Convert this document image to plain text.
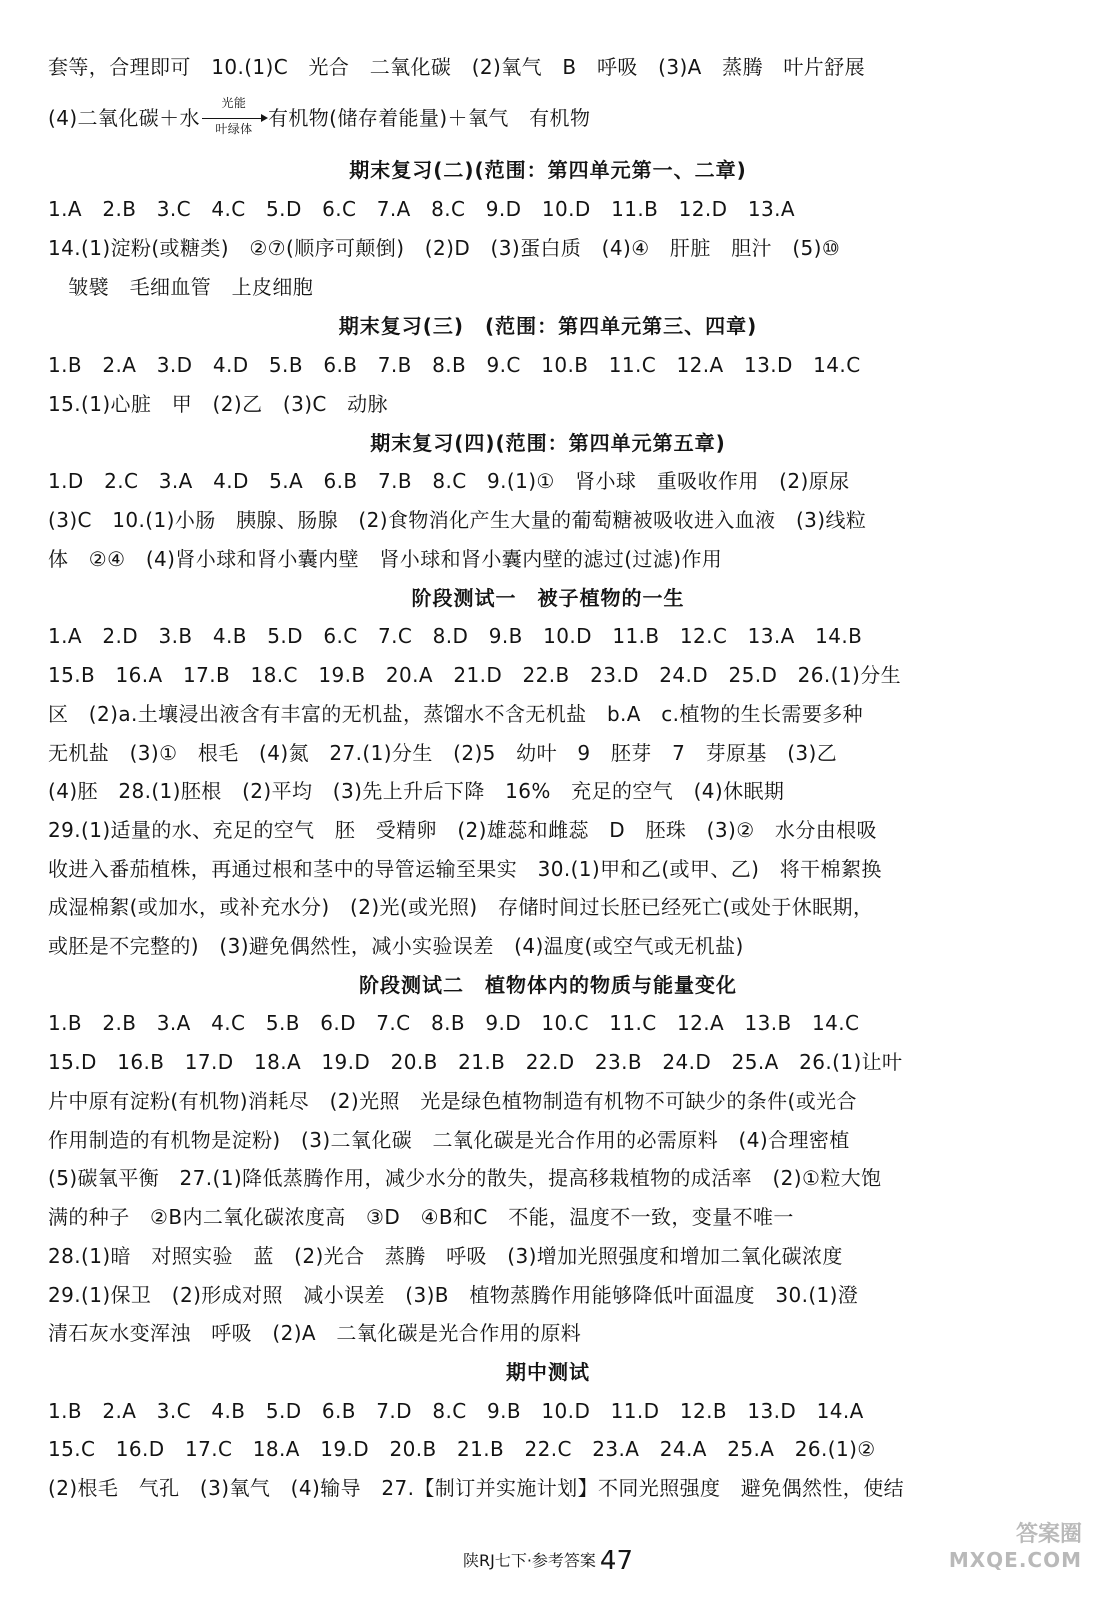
套等，合理即可　10.(1)C　光合　二氧化碳　(2)氧气　B　呼吸　(3)A　蒸腾　叶片舒展
(4)二氧化碳＋水
光能
叶绿体 有机物(储存着能量)＋氧气　有机物
期末复习(二)(范围：第四单元第一、二章)
1.A　2.B　3.C　4.C　5.D　6.C　7.A　8.C　9.D　10.D　11.B　12.D　13.A
14.(1)淀粉(或糖类)　②⑦(顺序可颠倒)　(2)D　(3)蛋白质　(4)④　肝脏　胆汁　(5)⑩
　皱襞　毛细血管　上皮细胞
期末复习(三)　(范围：第四单元第三、四章)
1.B　2.A　3.D　4.D　5.B　6.B　7.B　8.B　9.C　10.B　11.C　12.A　13.D　14.C
15.(1)心脏　甲　(2)乙　(3)C　动脉
期末复习(四)(范围：第四单元第五章)
1.D　2.C　3.A　4.D　5.A　6.B　7.B　8.C　9.(1)①　肾小球　重吸收作用　(2)原尿
(3)C　10.(1)小肠　胰腺、肠腺　(2)食物消化产生大量的葡萄糖被吸收进入血液　(3)线粒
体　②④　(4)肾小球和肾小囊内壁　肾小球和肾小囊内壁的滤过(过滤)作用
阶段测试一　被子植物的一生
1.A　2.D　3.B　4.B　5.D　6.C　7.C　8.D　9.B　10.D　11.B　12.C　13.A　14.B
15.B　16.A　17.B　18.C　19.B　20.A　21.D　22.B　23.D　24.D　25.D　26.(1)分生
区　(2)a.土壤浸出液含有丰富的无机盐，蒸馏水不含无机盐　b.A　c.植物的生长需要多种
无机盐　(3)①　根毛　(4)氮　27.(1)分生　(2)5　幼叶　9　胚芽　7　芽原基　(3)乙
(4)胚　28.(1)胚根　(2)平均　(3)先上升后下降　16%　充足的空气　(4)休眠期
29.(1)适量的水、充足的空气　胚　受精卵　(2)雄蕊和雌蕊　D　胚珠　(3)②　水分由根吸
收进入番茄植株，再通过根和茎中的导管运输至果实　30.(1)甲和乙(或甲、乙)　将干棉絮换
成湿棉絮(或加水，或补充水分)　(2)光(或光照)　存储时间过长胚已经死亡(或处于休眠期，
或胚是不完整的)　(3)避免偶然性，减小实验误差　(4)温度(或空气或无机盐)
阶段测试二　植物体内的物质与能量变化
1.B　2.B　3.A　4.C　5.B　6.D　7.C　8.B　9.D　10.C　11.C　12.A　13.B　14.C
15.D　16.B　17.D　18.A　19.D　20.B　21.B　22.D　23.B　24.D　25.A　26.(1)让叶
片中原有淀粉(有机物)消耗尽　(2)光照　光是绿色植物制造有机物不可缺少的条件(或光合
作用制造的有机物是淀粉)　(3)二氧化碳　二氧化碳是光合作用的必需原料　(4)合理密植
(5)碳氧平衡　27.(1)降低蒸腾作用，减少水分的散失，提高移栽植物的成活率　(2)①粒大饱
满的种子　②B内二氧化碳浓度高　③D　④B和C　不能，温度不一致，变量不唯一
28.(1)暗　对照实验　蓝　(2)光合　蒸腾　呼吸　(3)增加光照强度和增加二氧化碳浓度
29.(1)保卫　(2)形成对照　减小误差　(3)B　植物蒸腾作用能够降低叶面温度　30.(1)澄
清石灰水变浑浊　呼吸　(2)A　二氧化碳是光合作用的原料
期中测试
1.B　2.A　3.C　4.B　5.D　6.B　7.D　8.C　9.B　10.D　11.D　12.B　13.D　14.A
15.C　16.D　17.C　18.A　19.D　20.B　21.B　22.C　23.A　24.A　25.A　26.(1)②
(2)根毛　气孔　(3)氧气　(4)输导　27.【制订并实施计划】不同光照强度　避免偶然性，使结
陕RJ七下·参考答案 47
答案圈
MXQE.COM
